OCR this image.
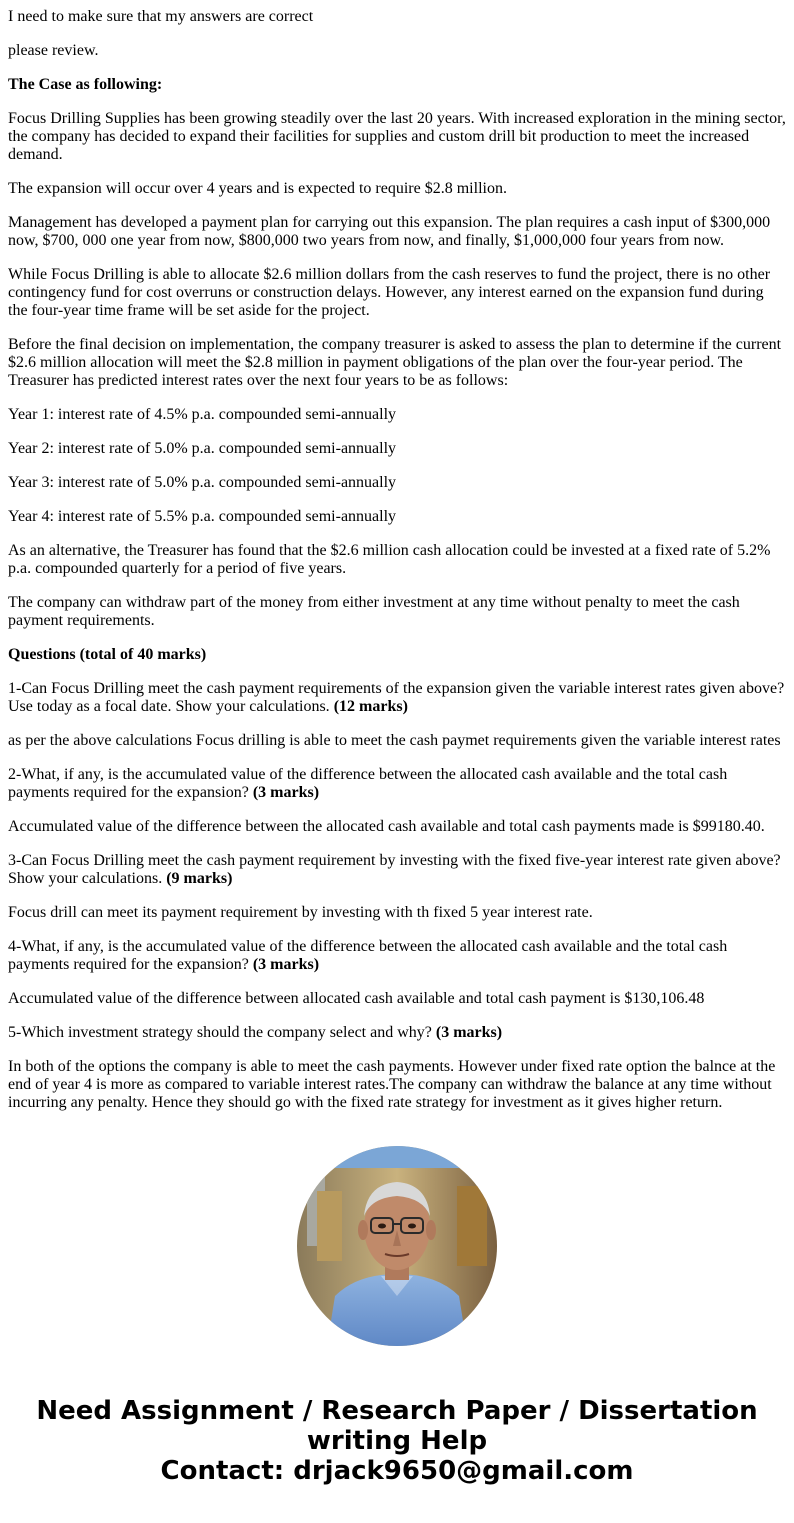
I need to make sure that my answers are correct

please review.

The Case as following:

Focus Drilling Supplies has been growing steadily over the last 20 years. With increased exploration in the mining sector, the company has decided to expand their facilities for supplies and custom drill bit production to meet the increased demand.

The expansion will occur over 4 years and is expected to require $2.8 million.

Management has developed a payment plan for carrying out this expansion. The plan requires a cash input of $300,000 now, $700, 000 one year from now, $800,000 two years from now, and finally, $1,000,000 four years from now.

While Focus Drilling is able to allocate $2.6 million dollars from the cash reserves to fund the project, there is no other contingency fund for cost overruns or construction delays. However, any interest earned on the expansion fund during the four-year time frame will be set aside for the project.

Before the final decision on implementation, the company treasurer is asked to assess the plan to determine if the current $2.6 million allocation will meet the $2.8 million in payment obligations of the plan over the four-year period. The Treasurer has predicted interest rates over the next four years to be as follows:

Year 1: interest rate of 4.5% p.a. compounded semi-annually

Year 2: interest rate of 5.0% p.a. compounded semi-annually

Year 3: interest rate of 5.0% p.a. compounded semi-annually

Year 4: interest rate of 5.5% p.a. compounded semi-annually

As an alternative, the Treasurer has found that the $2.6 million cash allocation could be invested at a fixed rate of 5.2% p.a. compounded quarterly for a period of five years.

The company can withdraw part of the money from either investment at any time without penalty to meet the cash payment requirements.

Questions (total of 40 marks)

1-Can Focus Drilling meet the cash payment requirements of the expansion given the variable interest rates given above? Use today as a focal date. Show your calculations. (12 marks)

as per the above calculations Focus drilling is able to meet the cash paymet requirements given the variable interest rates

2-What, if any, is the accumulated value of the difference between the allocated cash available and the total cash payments required for the expansion? (3 marks)

Accumulated value of the difference between the allocated cash available and total cash payments made is $99180.40.

3-Can Focus Drilling meet the cash payment requirement by investing with the fixed five-year interest rate given above? Show your calculations. (9 marks)

Focus drill can meet its payment requirement by investing with th fixed 5 year interest rate.

4-What, if any, is the accumulated value of the difference between the allocated cash available and the total cash payments required for the expansion? (3 marks)

Accumulated value of the difference between allocated cash available and total cash payment is $130,106.48

5-Which investment strategy should the company select and why? (3 marks)

In both of the options the company is able to meet the cash payments. However under fixed rate option the balnce at the end of year 4 is more as compared to variable interest rates.The company can withdraw the balance at any time without incurring any penalty. Hence they should go with the fixed rate strategy for investment as it gives higher return.

Need Assignment / Research Paper / Dissertation
writing Help
Contact: drjack9650@gmail.com
